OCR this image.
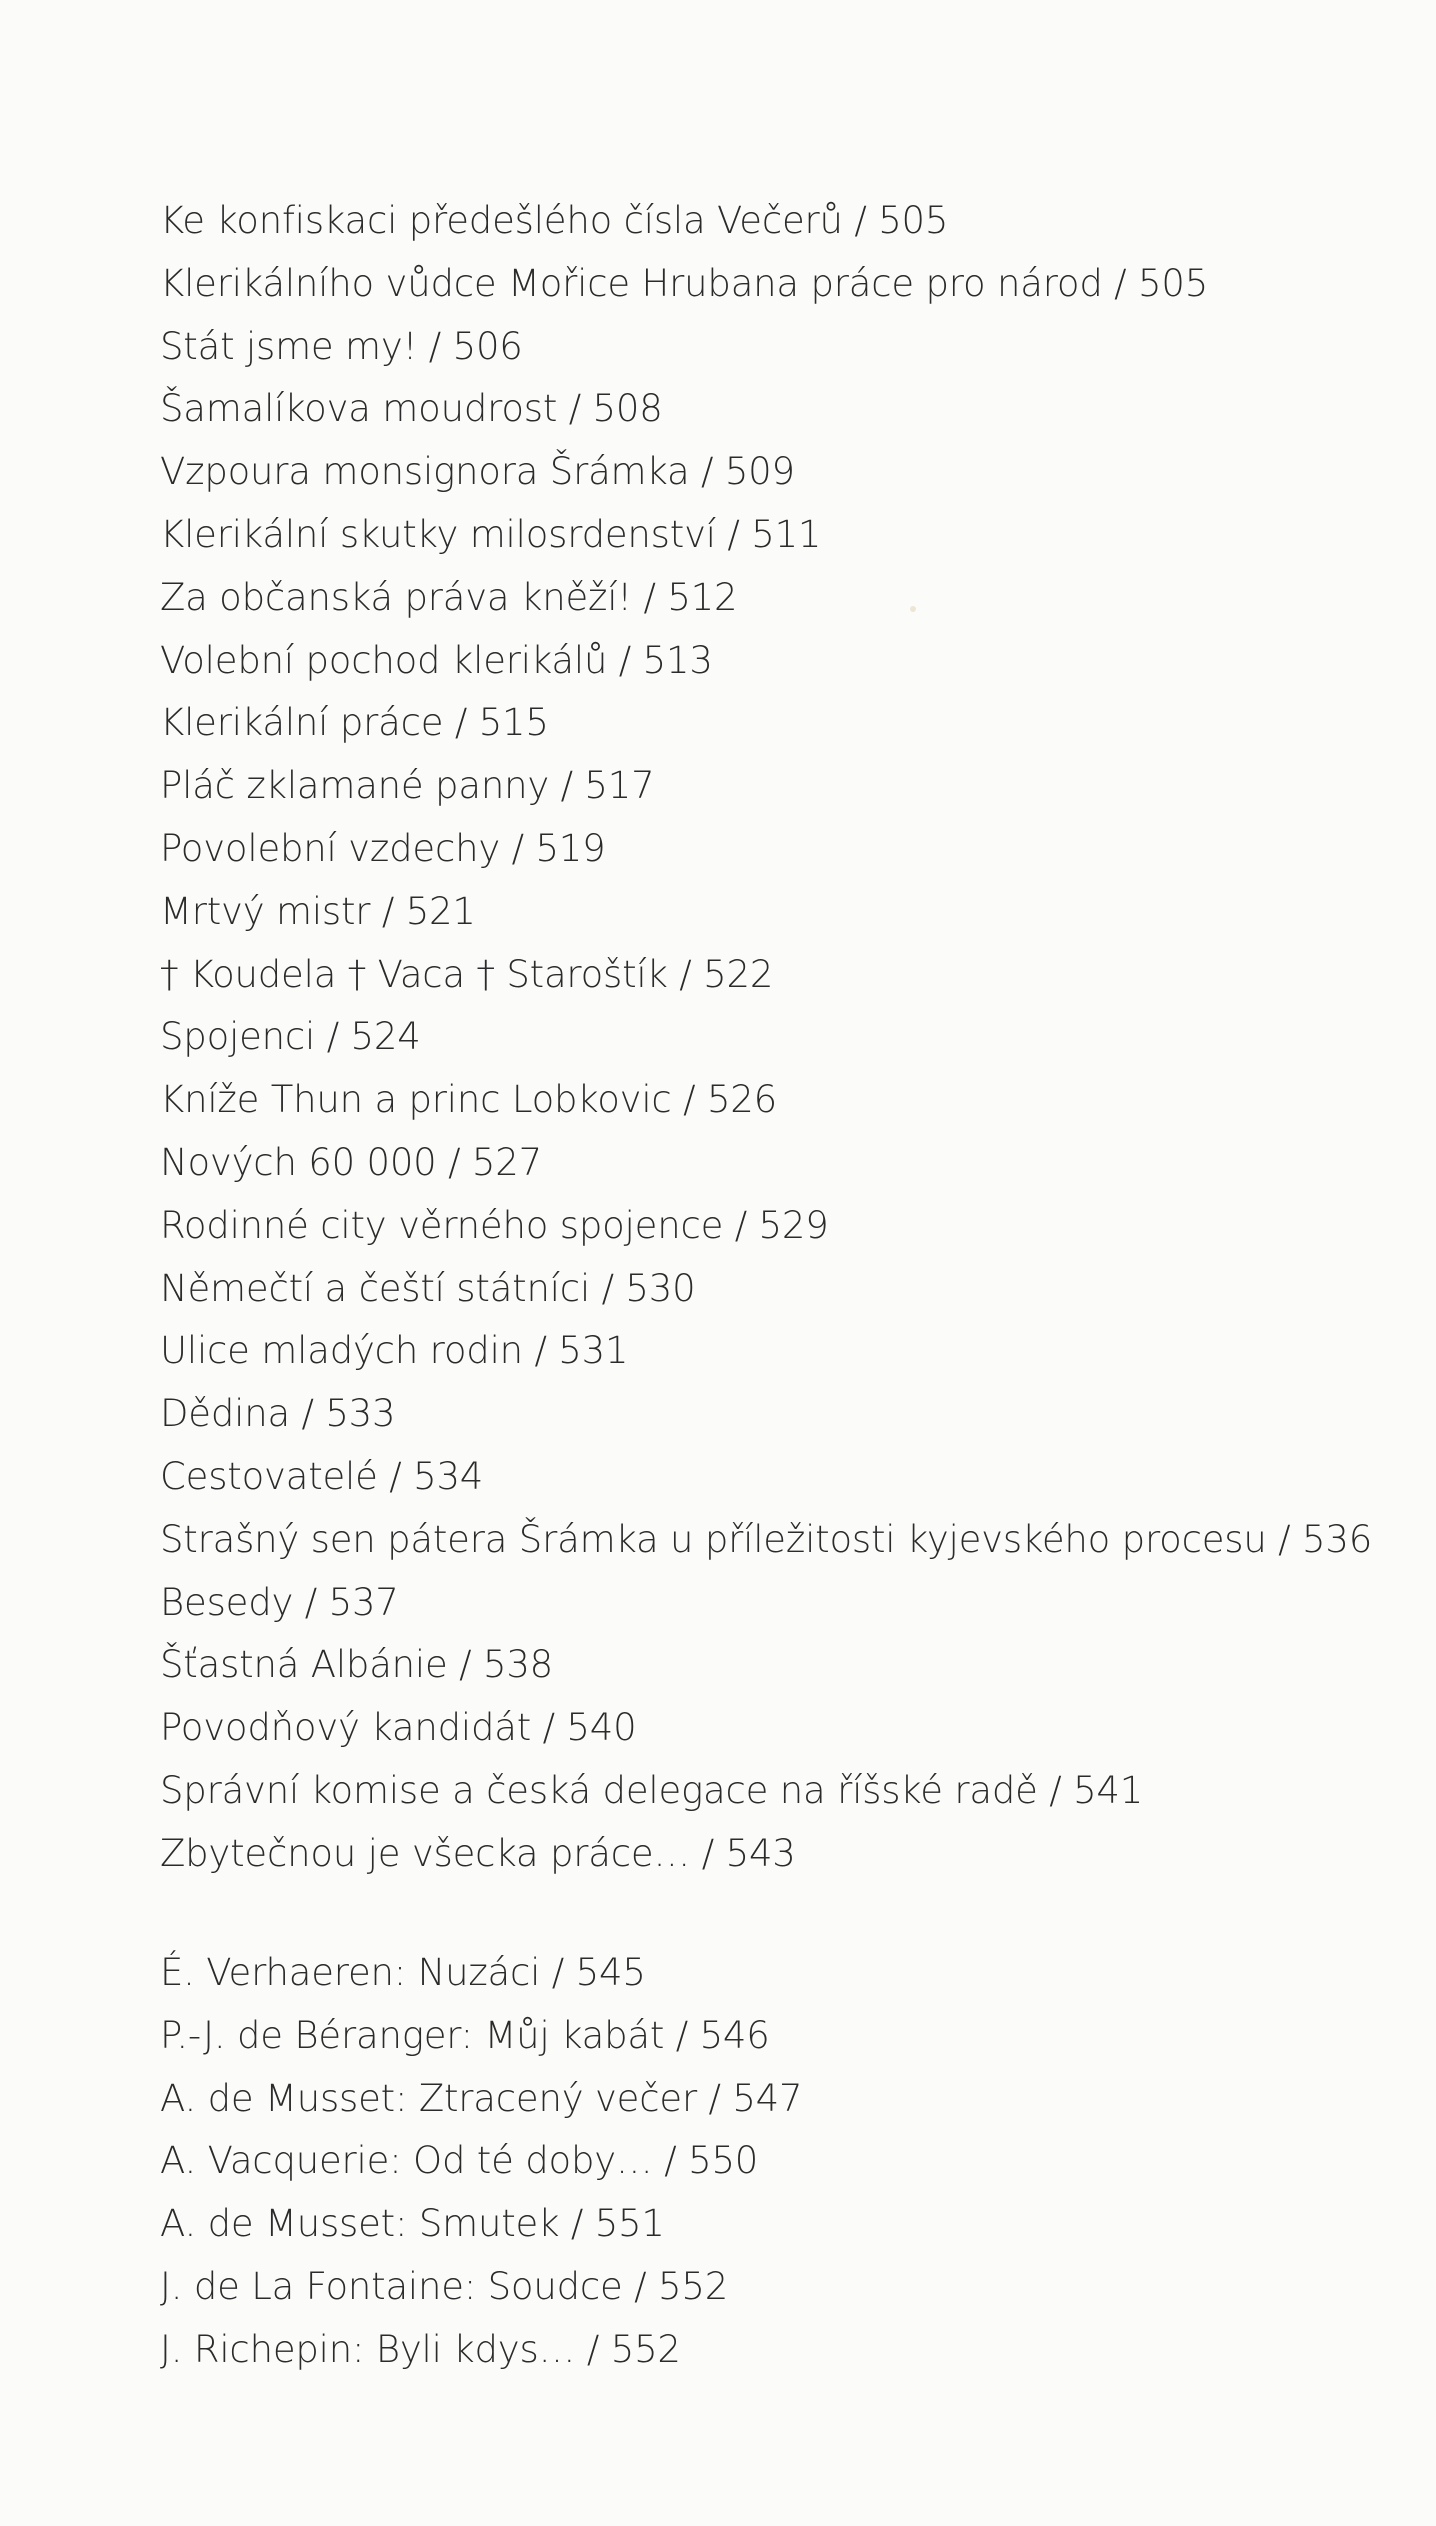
Ke konfiskaci předešlého čísla Večerů / 505
Klerikálního vůdce Mořice Hrubana práce pro národ / 505
Stát jsme my! / 506
Šamalíkova moudrost / 508
Vzpoura monsignora Šrámka / 509
Klerikální skutky milosrdenství / 511
Za občanská práva kněží! / 512
Volební pochod klerikálů / 513
Klerikální práce / 515
Pláč zklamané panny / 517
Povolební vzdechy / 519
Mrtvý mistr / 521
† Koudela † Vaca † Staroštík / 522
Spojenci / 524
Kníže Thun a princ Lobkovic / 526
Nových 60 000 / 527
Rodinné city věrného spojence / 529
Němečtí a čeští státníci / 530
Ulice mladých rodin / 531
Dědina / 533
Cestovatelé / 534
Strašný sen pátera Šrámka u příležitosti kyjevského procesu / 536
Besedy / 537
Šťastná Albánie / 538
Povodňový kandidát / 540
Správní komise a česká delegace na říšské radě / 541
Zbytečnou je všecka práce… / 543
É. Verhaeren: Nuzáci / 545
P.-J. de Béranger: Můj kabát / 546
A. de Musset: Ztracený večer / 547
A. Vacquerie: Od té doby… / 550
A. de Musset: Smutek / 551
J. de La Fontaine: Soudce / 552
J. Richepin: Byli kdys… / 552
